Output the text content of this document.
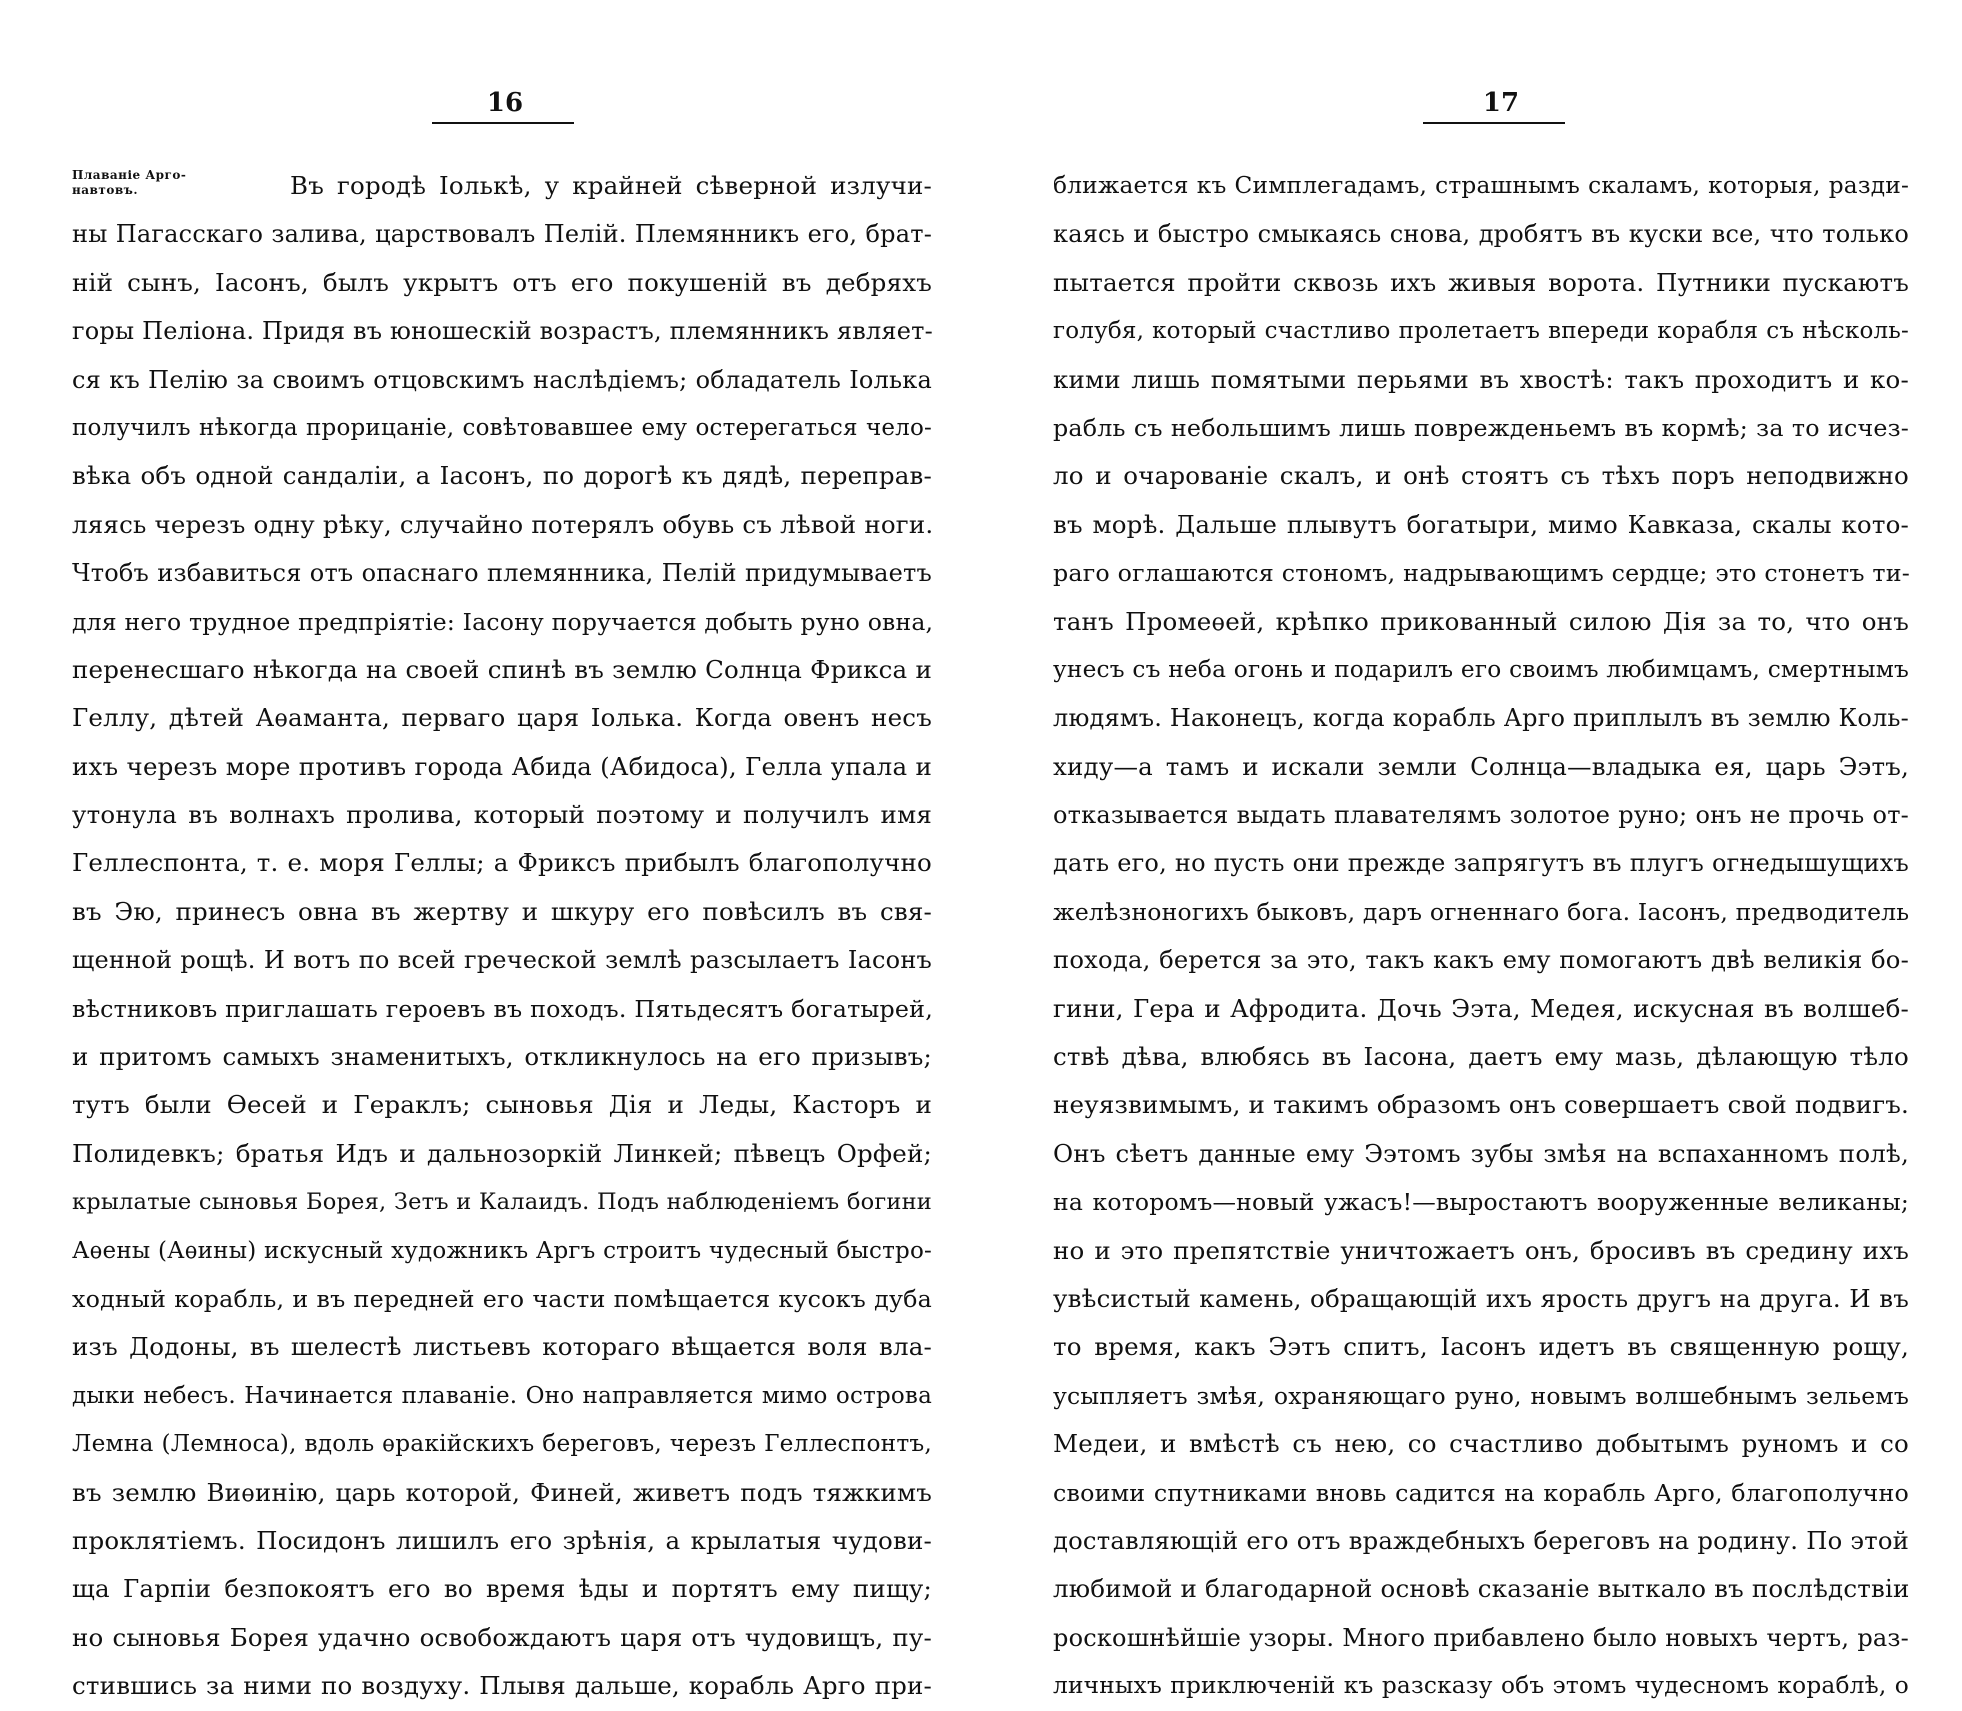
16
Плаваніе Арго-
навтовъ.	Въ городѣ Іолькѣ, у крайней сѣверной излучи-
ны Пагасскаго залива, царствовалъ Пелій. Племянникъ его, брат-
ній сынъ, Іасонъ, былъ укрытъ отъ его покушеній въ дебряхъ
горы Пеліона. Придя въ юношескій возрастъ, племянникъ являет-
ся къ Пелію за своимъ отцовскимъ наслѣдіемъ; обладатель Іолька
получилъ нѣкогда прорицаніе, совѣтовавшее ему остерегаться чело-
вѣка объ одной сандаліи, а Іасонъ, по дорогѣ къ дядѣ, переправ-
ляясь черезъ одну рѣку, случайно потерялъ обувь съ лѣвой ноги.
Чтобъ избавиться отъ опаснаго племянника, Пелій придумываетъ
для него трудное предпріятіе: Іасону поручается добыть руно овна,
перенесшаго нѣкогда на своей спинѣ въ землю Солнца Фрикса и
Геллу, дѣтей Аѳаманта, перваго царя Іолька. Когда овенъ несъ
ихъ черезъ море противъ города Абида (Абидоса), Гелла упала и
утонула въ волнахъ пролива, который поэтому и получилъ имя
Геллеспонта, т. е. моря Геллы; а Фриксъ прибылъ благополучно
въ Эю, принесъ овна въ жертву и шкуру его повѣсилъ въ свя-
щенной рощѣ. И вотъ по всей греческой землѣ разсылаетъ Іасонъ
вѣстниковъ приглашать героевъ въ походъ. Пятьдесятъ богатырей,
и притомъ самыхъ знаменитыхъ, откликнулось на его призывъ;
тутъ были Ѳесей и Гераклъ; сыновья Дія и Леды, Касторъ и
Полидевкъ; братья Идъ и дальнозоркій Линкей; пѣвецъ Орфей;
крылатые сыновья Борея, Зетъ и Калаидъ. Подъ наблюденіемъ богини
Аѳены (Аѳины) искусный художникъ Аргъ строитъ чудесный быстро-
ходный корабль, и въ передней его части помѣщается кусокъ дуба
изъ Додоны, въ шелестѣ листьевъ котораго вѣщается воля вла-
дыки небесъ. Начинается плаваніе. Оно направляется мимо острова
Лемна (Лемноса), вдоль ѳракійскихъ береговъ, черезъ Геллеспонтъ,
въ землю Виѳинію, царь которой, Финей, живетъ подъ тяжкимъ
проклятіемъ. Посидонъ лишилъ его зрѣнія, а крылатыя чудови-
ща Гарпіи безпокоятъ его во время ѣды и портятъ ему пищу;
но сыновья Борея удачно освобождаютъ царя отъ чудовищъ, пу-
стившись за ними по воздуху. Плывя дальше, корабль Арго при-
17
ближается къ Симплегадамъ, страшнымъ скаламъ, которыя, разди-
каясь и быстро смыкаясь снова, дробятъ въ куски все, что только
пытается пройти сквозь ихъ живыя ворота. Путники пускаютъ
голубя, который счастливо пролетаетъ впереди корабля съ нѣсколь-
кими лишь помятыми перьями въ хвостѣ: такъ проходитъ и ко-
рабль съ небольшимъ лишь поврежденьемъ въ кормѣ; за то исчез-
ло и очарованіе скалъ, и онѣ стоятъ съ тѣхъ поръ неподвижно
въ морѣ. Дальше плывутъ богатыри, мимо Кавказа, скалы кото-
раго оглашаются стономъ, надрывающимъ сердце; это стонетъ ти-
танъ Промеѳей, крѣпко прикованный силою Дія за то, что онъ
унесъ съ неба огонь и подарилъ его своимъ любимцамъ, смертнымъ
людямъ. Наконецъ, когда корабль Арго приплылъ въ землю Коль-
хиду—а тамъ и искали земли Солнца—владыка ея, царь Ээтъ,
отказывается выдать плавателямъ золотое руно; онъ не прочь от-
дать его, но пусть они прежде запрягутъ въ плугъ огнедышущихъ
желѣзноногихъ быковъ, даръ огненнаго бога. Іасонъ, предводитель
похода, берется за это, такъ какъ ему помогаютъ двѣ великія бо-
гини, Гера и Афродита. Дочь Ээта, Медея, искусная въ волшеб-
ствѣ дѣва, влюбясь въ Іасона, даетъ ему мазь, дѣлающую тѣло
неуязвимымъ, и такимъ образомъ онъ совершаетъ свой подвигъ.
Онъ сѣетъ данные ему Ээтомъ зубы змѣя на вспаханномъ полѣ,
на которомъ—новый ужасъ!—выростаютъ вооруженные великаны;
но и это препятствіе уничтожаетъ онъ, бросивъ въ средину ихъ
увѣсистый камень, обращающій ихъ ярость другъ на друга. И въ
то время, какъ Ээтъ спитъ, Іасонъ идетъ въ священную рощу,
усыпляетъ змѣя, охраняющаго руно, новымъ волшебнымъ зельемъ
Медеи, и вмѣстѣ съ нею, со счастливо добытымъ руномъ и со
своими спутниками вновь садится на корабль Арго, благополучно
доставляющій его отъ враждебныхъ береговъ на родину. По этой
любимой и благодарной основѣ сказаніе выткало въ послѣдствіи
роскошнѣйшіе узоры. Много прибавлено было новыхъ чертъ, раз-
личныхъ приключеній къ разсказу объ этомъ чудесномъ кораблѣ, о
